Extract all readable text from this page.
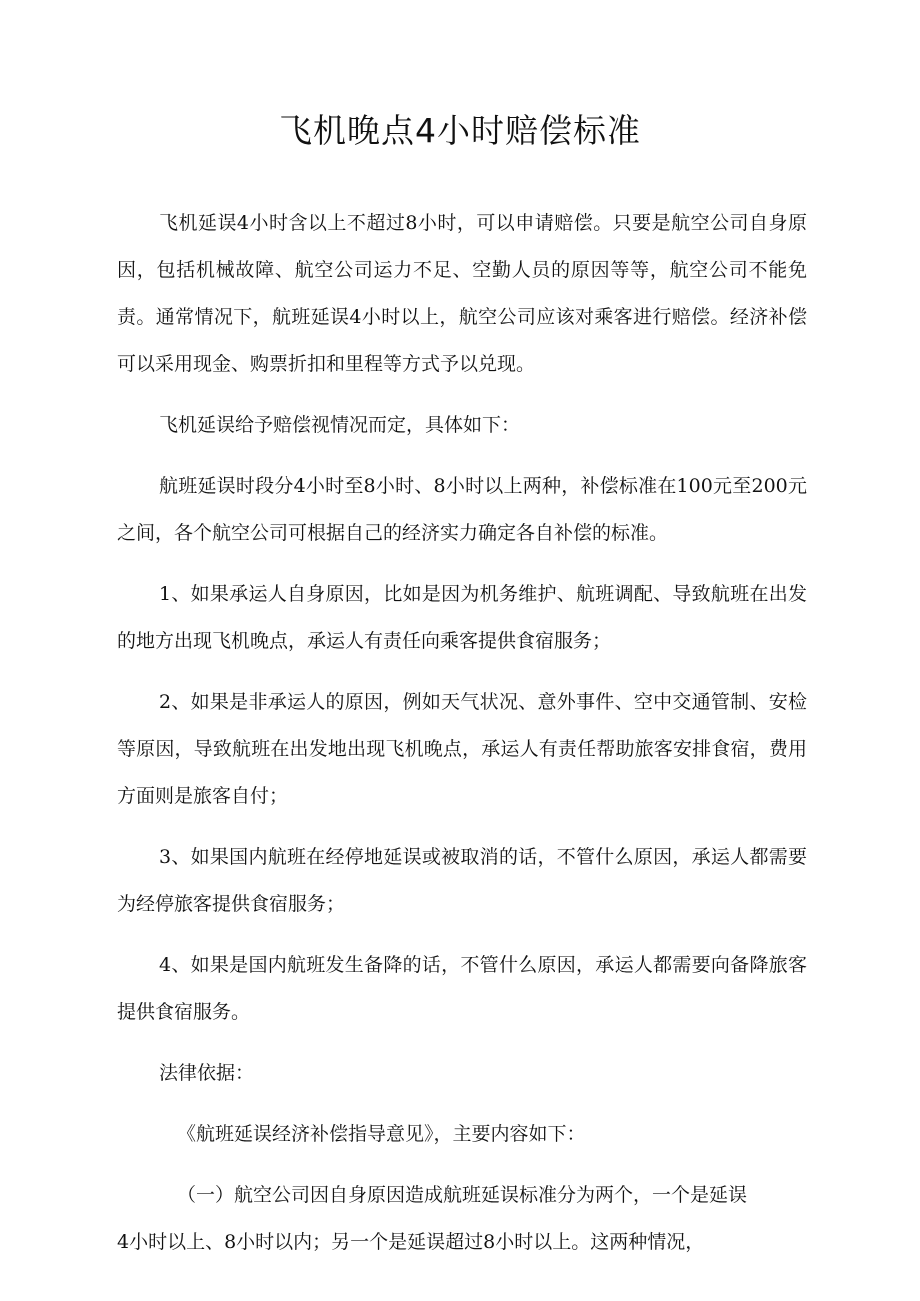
飞机晚点4小时赔偿标准

飞机延误4小时含以上不超过8小时，可以申请赔偿。只要是航空公司自身原因，包括机械故障、航空公司运力不足、空勤人员的原因等等，航空公司不能免责。通常情况下，航班延误4小时以上，航空公司应该对乘客进行赔偿。经济补偿可以采用现金、购票折扣和里程等方式予以兑现。

飞机延误给予赔偿视情况而定，具体如下：

航班延误时段分4小时至8小时、8小时以上两种，补偿标准在100元至200元之间，各个航空公司可根据自己的经济实力确定各自补偿的标准。

1、如果承运人自身原因，比如是因为机务维护、航班调配、导致航班在出发的地方出现飞机晚点，承运人有责任向乘客提供食宿服务；

2、如果是非承运人的原因，例如天气状况、意外事件、空中交通管制、安检等原因，导致航班在出发地出现飞机晚点，承运人有责任帮助旅客安排食宿，费用方面则是旅客自付；

3、如果国内航班在经停地延误或被取消的话，不管什么原因，承运人都需要为经停旅客提供食宿服务；

4、如果是国内航班发生备降的话，不管什么原因，承运人都需要向备降旅客提供食宿服务。

法律依据：

《航班延误经济补偿指导意见》，主要内容如下：

（一）航空公司因自身原因造成航班延误标准分为两个，一个是延误
4小时以上、8小时以内；另一个是延误超过8小时以上。这两种情况，
